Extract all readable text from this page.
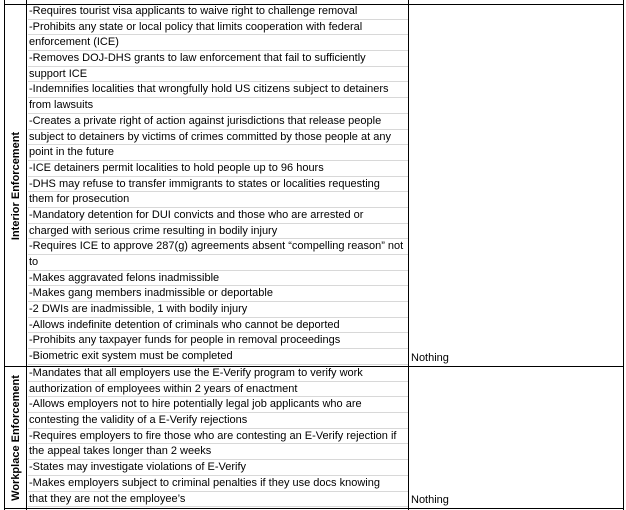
Interior Enforcement
-Requires tourist visa applicants to waive right to challenge removal
-Prohibits any state or local policy that limits cooperation with federal
enforcement (ICE)
-Removes DOJ-DHS grants to law enforcement that fail to sufficiently
support ICE
-Indemnifies localities that wrongfully hold US citizens subject to detainers
from lawsuits
-Creates a private right of action against jurisdictions that release people
subject to detainers by victims of crimes committed by those people at any
point in the future
-ICE detainers permit localities to hold people up to 96 hours
-DHS may refuse to transfer immigrants to states or localities requesting
them for prosecution
-Mandatory detention for DUI convicts and those who are arrested or
charged with serious crime resulting in bodily injury
-Requires ICE to approve 287(g) agreements absent “compelling reason” not
to
-Makes aggravated felons inadmissible
-Makes gang members inadmissible or deportable
-2 DWIs are inadmissible, 1 with bodily injury
-Allows indefinite detention of criminals who cannot be deported
-Prohibits any taxpayer funds for people in removal proceedings
-Biometric exit system must be completed	Nothing
Workplace Enforcement
-Mandates that all employers use the E-Verify program to verify work
authorization of employees within 2 years of enactment
-Allows employers not to hire potentially legal job applicants who are
contesting the validity of a E-Verify rejections
-Requires employers to fire those who are contesting an E-Verify rejection if
the appeal takes longer than 2 weeks
-States may investigate violations of E-Verify
-Makes employers subject to criminal penalties if they use docs knowing
that they are not the employee’s	Nothing
